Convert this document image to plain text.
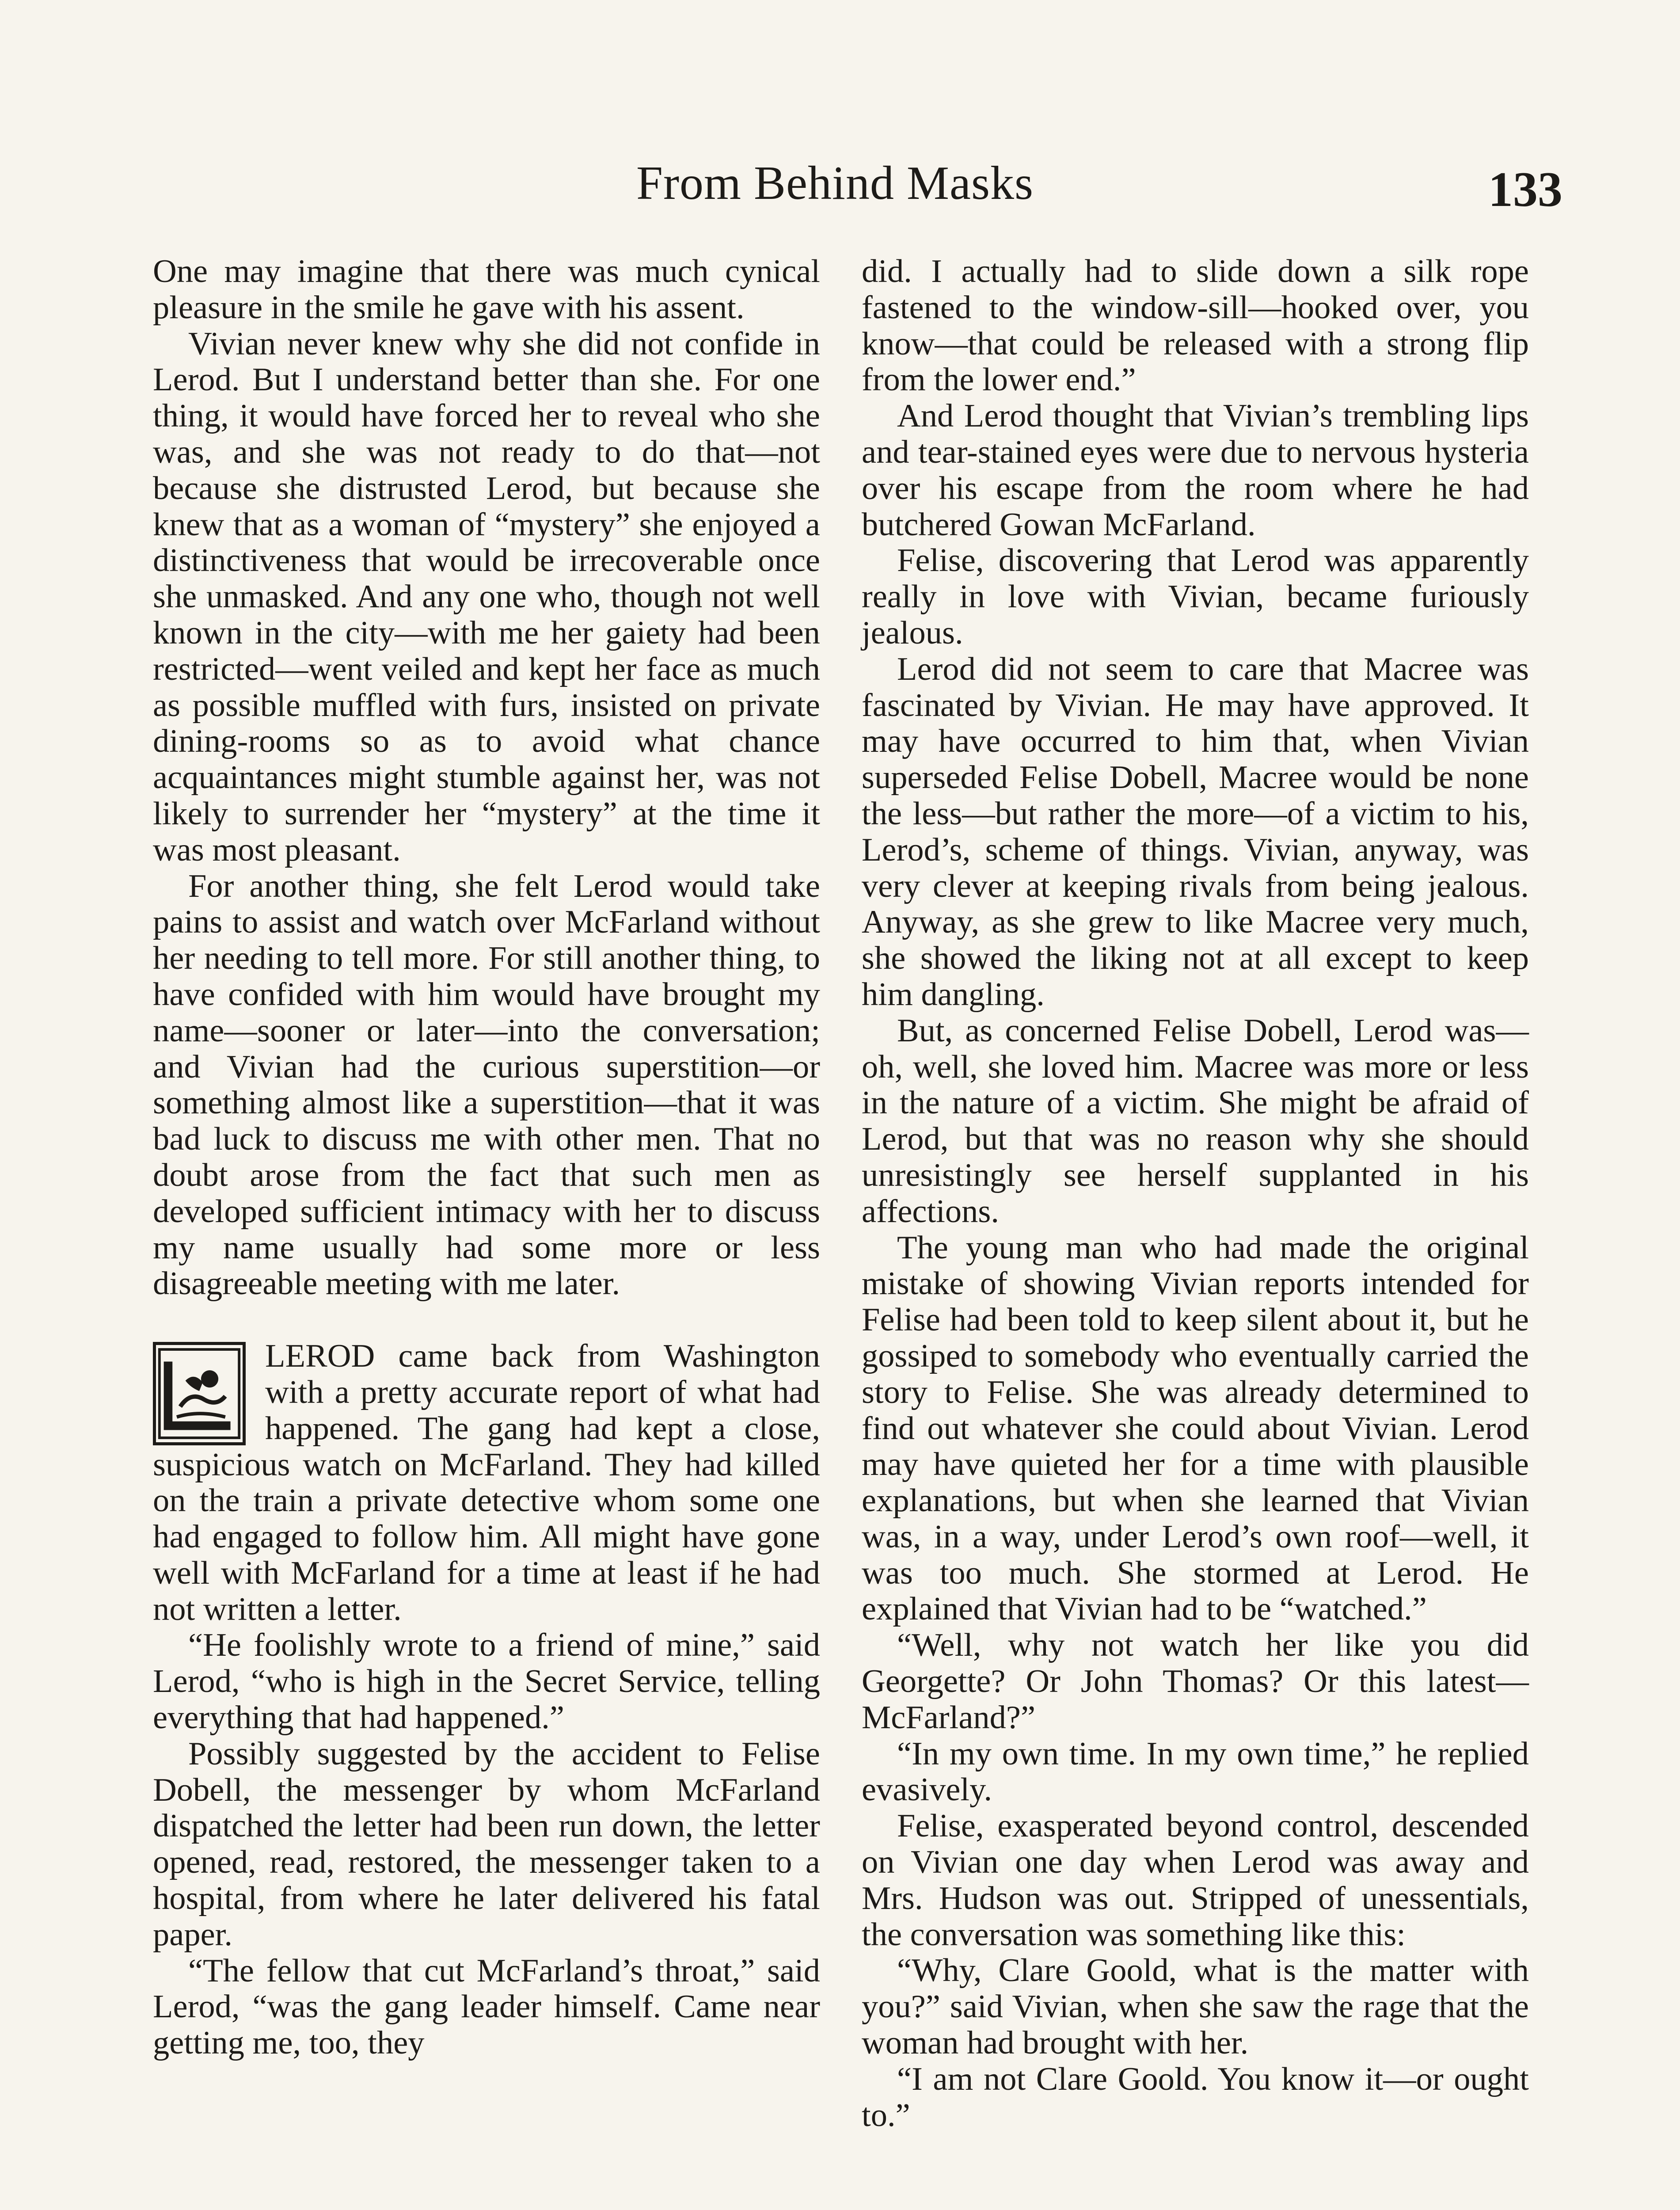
From Behind Masks	133

One may imagine that there was much cynical pleasure in the smile he gave with his assent.

Vivian never knew why she did not confide in Lerod. But I understand better than she. For one thing, it would have forced her to reveal who she was, and she was not ready to do that—not because she distrusted Lerod, but because she knew that as a woman of “mystery” she enjoyed a distinctiveness that would be irrecoverable once she unmasked. And any one who, though not well known in the city—with me her gaiety had been restricted—went veiled and kept her face as much as possible muffled with furs, insisted on private dining-rooms so as to avoid what chance acquaintances might stumble against her, was not likely to surrender her “mystery” at the time it was most pleasant.

For another thing, she felt Lerod would take pains to assist and watch over McFarland without her needing to tell more. For still another thing, to have confided with him would have brought my name—sooner or later—into the conversation; and Vivian had the curious superstition—or something almost like a superstition—that it was bad luck to discuss me with other men. That no doubt arose from the fact that such men as developed sufficient intimacy with her to discuss my name usually had some more or less disagreeable meeting with me later.

LEROD came back from Washington with a pretty accurate report of what had happened. The gang had kept a close, suspicious watch on McFarland. They had killed on the train a private detective whom some one had engaged to follow him. All might have gone well with McFarland for a time at least if he had not written a letter.

“He foolishly wrote to a friend of mine,” said Lerod, “who is high in the Secret Service, telling everything that had happened.”

Possibly suggested by the accident to Felise Dobell, the messenger by whom McFarland dispatched the letter had been run down, the letter opened, read, restored, the messenger taken to a hospital, from where he later delivered his fatal paper.

“The fellow that cut McFarland’s throat,” said Lerod, “was the gang leader himself. Came near getting me, too, they

did. I actually had to slide down a silk rope fastened to the window-sill—hooked over, you know—that could be released with a strong flip from the lower end.”

And Lerod thought that Vivian’s trembling lips and tear-stained eyes were due to nervous hysteria over his escape from the room where he had butchered Gowan McFarland.

Felise, discovering that Lerod was apparently really in love with Vivian, became furiously jealous.

Lerod did not seem to care that Macree was fascinated by Vivian. He may have approved. It may have occurred to him that, when Vivian superseded Felise Dobell, Macree would be none the less—but rather the more—of a victim to his, Lerod’s, scheme of things. Vivian, anyway, was very clever at keeping rivals from being jealous. Anyway, as she grew to like Macree very much, she showed the liking not at all except to keep him dangling.

But, as concerned Felise Dobell, Lerod was—oh, well, she loved him. Macree was more or less in the nature of a victim. She might be afraid of Lerod, but that was no reason why she should unresistingly see herself supplanted in his affections.

The young man who had made the original mistake of showing Vivian reports intended for Felise had been told to keep silent about it, but he gossiped to somebody who eventually carried the story to Felise. She was already determined to find out whatever she could about Vivian. Lerod may have quieted her for a time with plausible explanations, but when she learned that Vivian was, in a way, under Lerod’s own roof—well, it was too much. She stormed at Lerod. He explained that Vivian had to be “watched.”

“Well, why not watch her like you did Georgette? Or John Thomas? Or this latest—McFarland?”

“In my own time. In my own time,” he replied evasively.

Felise, exasperated beyond control, descended on Vivian one day when Lerod was away and Mrs. Hudson was out. Stripped of unessentials, the conversation was something like this:

“Why, Clare Goold, what is the matter with you?” said Vivian, when she saw the rage that the woman had brought with her.

“I am not Clare Goold. You know it—or ought to.”
